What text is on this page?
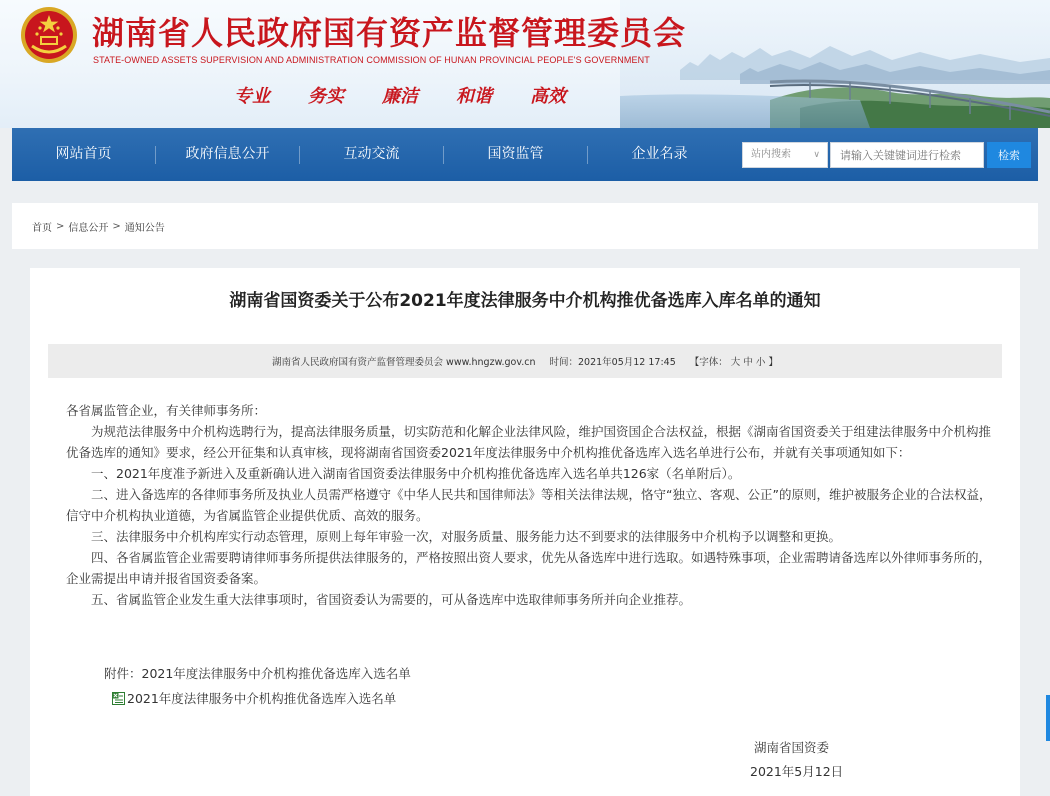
湖南省人民政府国有资产监督管理委员会
STATE-OWNED ASSETS SUPERVISION AND ADMINISTRATION COMMISSION OF HUNAN PROVINCIAL PEOPLE'S GOVERNMENT
专业 务实 廉洁 和谐 高效
网站首页	政府信息公开	互动交流	国资监管	企业名录	站内搜索 ∨
请输入关键键词进行检索	检索
首页 > 信息公开 > 通知公告
湖南省国资委关于公布2021年度法律服务中介机构推优备选库入库名单的通知
湖南省人民政府国有资产监督管理委员会 www.hngzw.gov.cn 时间：2021年05月12 17:45 【字体： 大 中 小 】

各省属监管企业，有关律师事务所：

为规范法律服务中介机构选聘行为，提高法律服务质量，切实防范和化解企业法律风险，维护国资国企合法权益，根据《湖南省国资委关于组建法律服务中介机构推优备选库的通知》要求，经公开征集和认真审核，现将湖南省国资委2021年度法律服务中介机构推优备选库入选名单进行公布，并就有关事项通知如下：

一、2021年度准予新进入及重新确认进入湖南省国资委法律服务中介机构推优备选库入选名单共126家（名单附后）。

二、进入备选库的各律师事务所及执业人员需严格遵守《中华人民共和国律师法》等相关法律法规，恪守“独立、客观、公正”的原则，维护被服务企业的合法权益，信守中介机构执业道德，为省属监管企业提供优质、高效的服务。

三、法律服务中介机构库实行动态管理，原则上每年审验一次，对服务质量、服务能力达不到要求的法律服务中介机构予以调整和更换。

四、各省属监管企业需要聘请律师事务所提供法律服务的，严格按照出资人要求，优先从备选库中进行选取。如遇特殊事项，企业需聘请备选库以外律师事务所的，企业需提出申请并报省国资委备案。

五、省属监管企业发生重大法律事项时，省国资委认为需要的，可从备选库中选取律师事务所并向企业推荐。

附件：2021年度法律服务中介机构推优备选库入选名单
2021年度法律服务中介机构推优备选库入选名单
湖南省国资委
2021年5月12日
